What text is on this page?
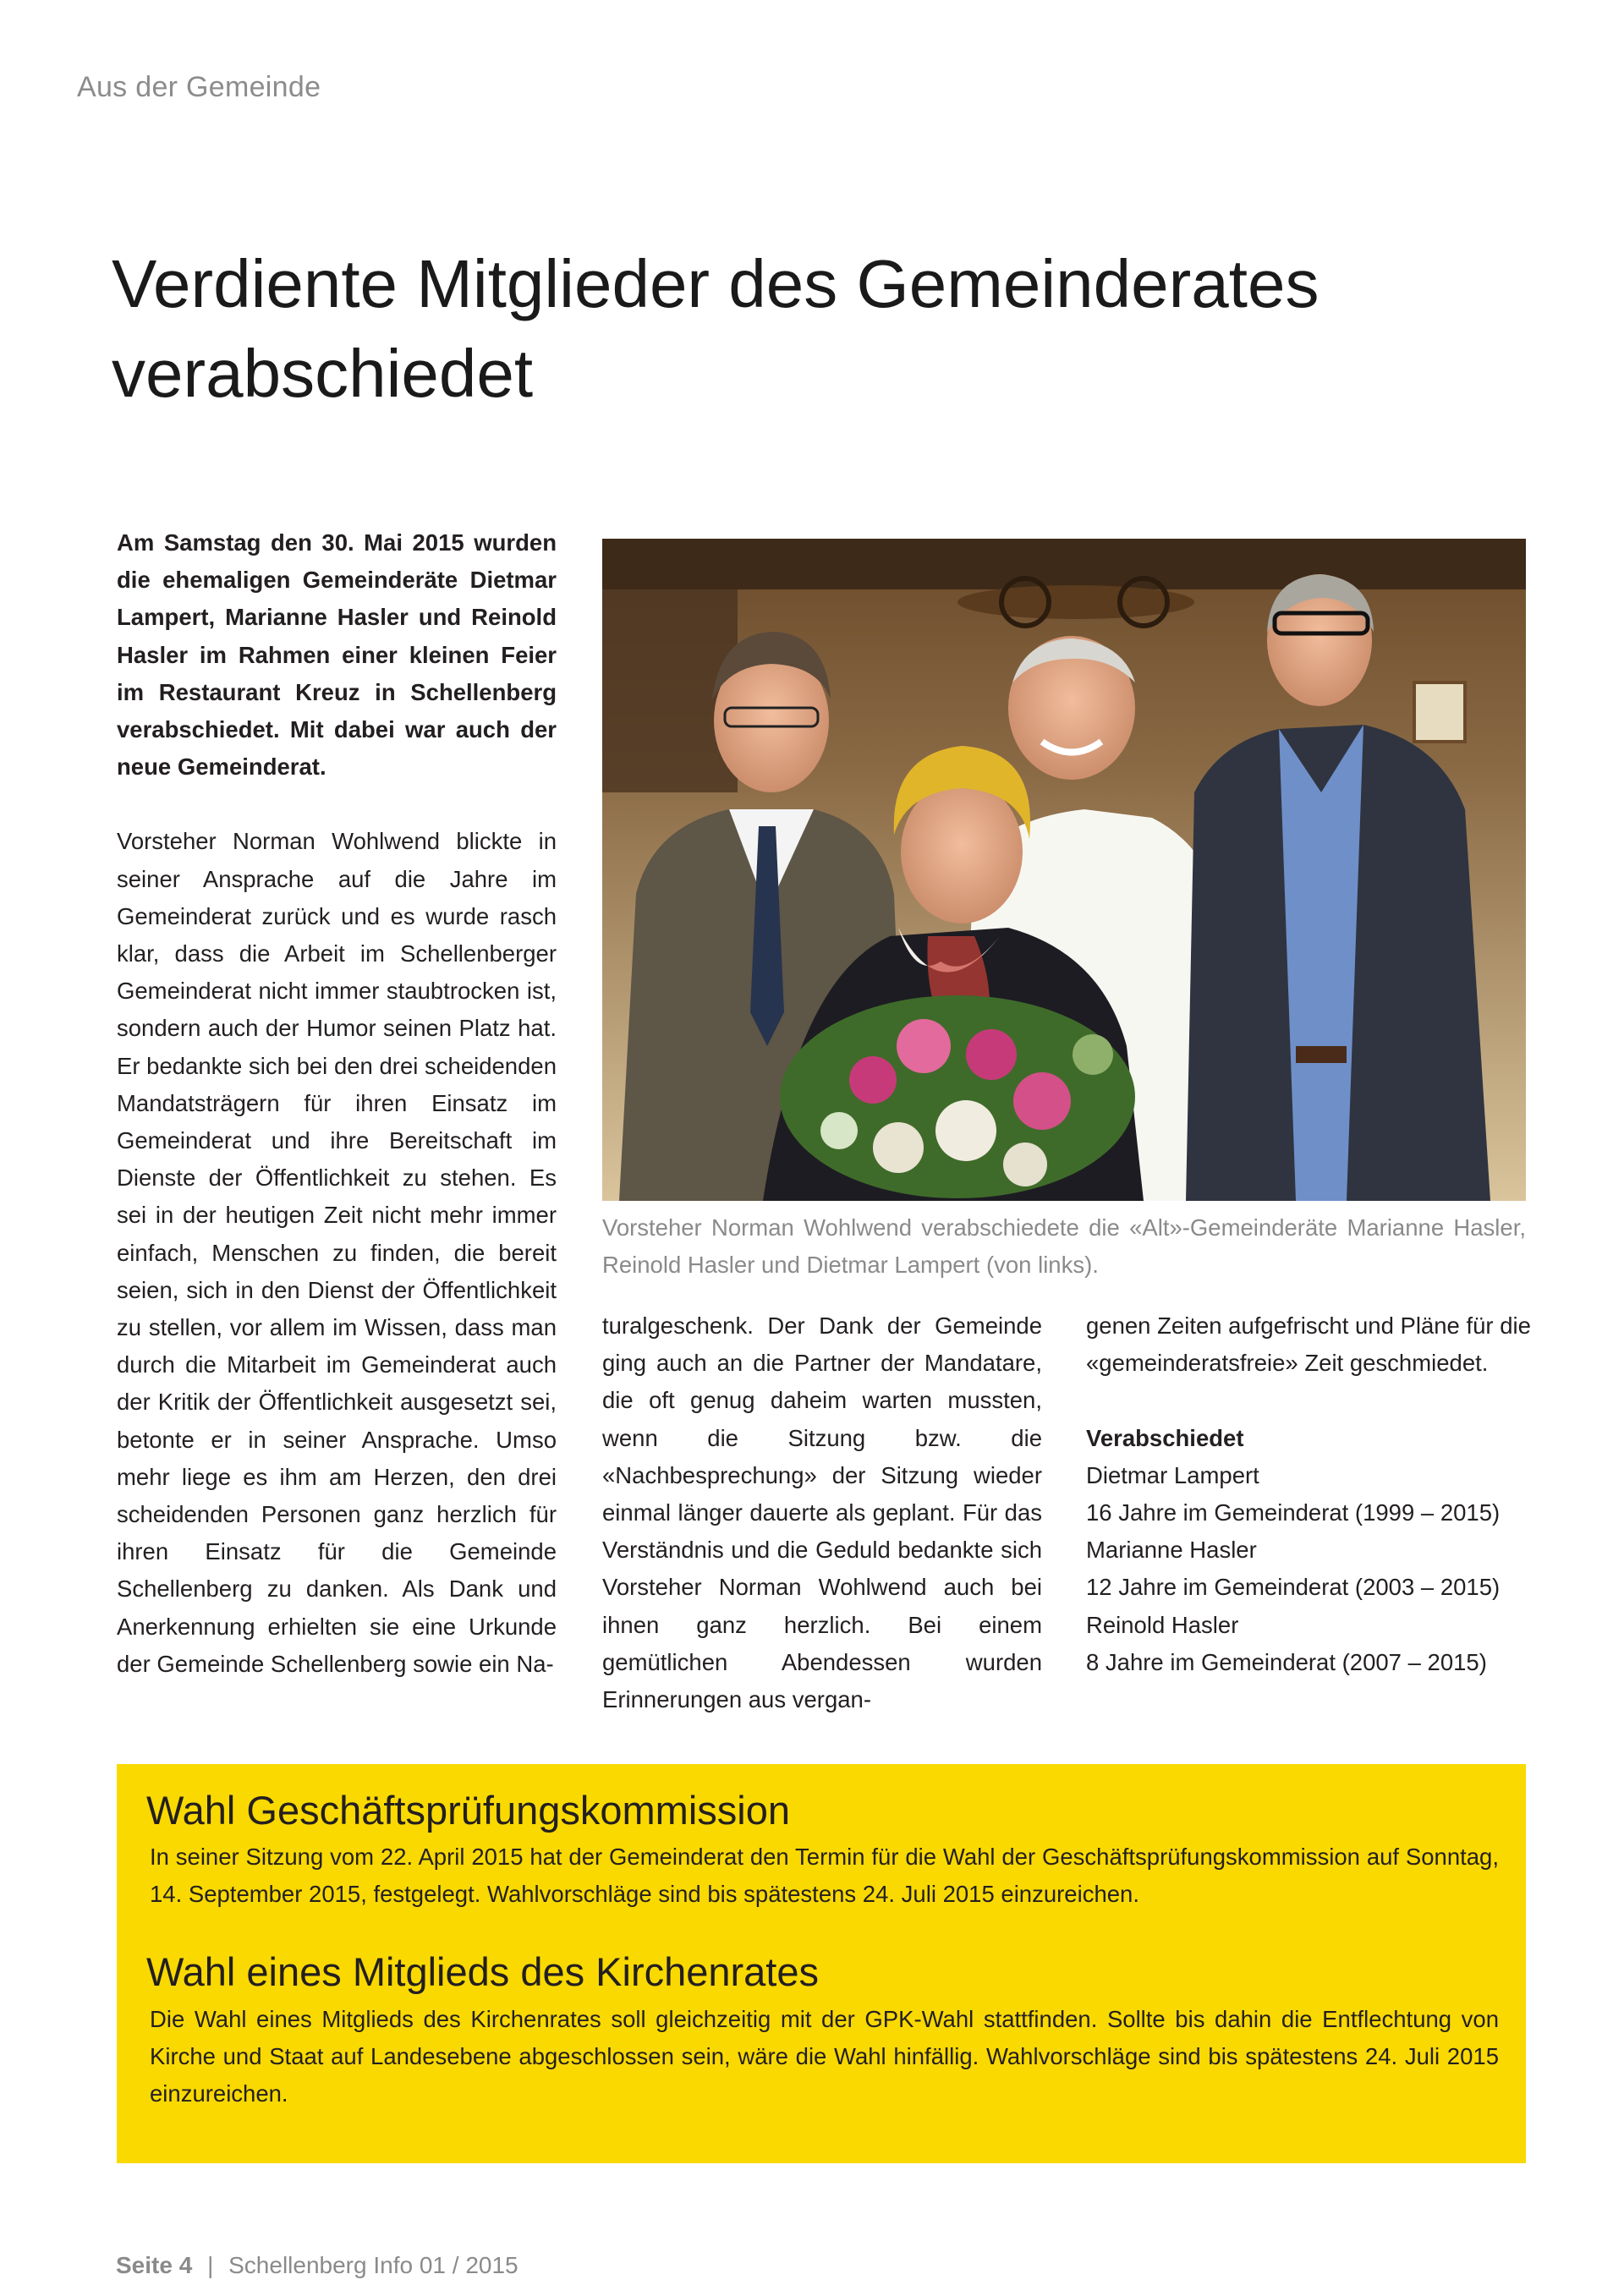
Aus der Gemeinde
Verdiente Mitglieder des Gemeinderates verabschiedet

Am Samstag den 30. Mai 2015 wurden die ehemaligen Gemeinderäte Dietmar Lampert, Marianne Hasler und Reinold Hasler im Rahmen einer kleinen Feier im Restaurant Kreuz in Schellenberg verabschiedet. Mit dabei war auch der neue Gemeinderat.

Vorsteher Norman Wohlwend blickte in seiner Ansprache auf die Jahre im Gemeinderat zurück und es wurde rasch klar, dass die Arbeit im Schellenberger Gemeinderat nicht immer staubtrocken ist, sondern auch der Humor seinen Platz hat. Er bedankte sich bei den drei scheidenden Mandatsträgern für ihren Einsatz im Gemeinderat und ihre Bereitschaft im Dienste der Öffentlichkeit zu stehen. Es sei in der heutigen Zeit nicht mehr immer einfach, Menschen zu finden, die bereit seien, sich in den Dienst der Öffentlichkeit zu stellen, vor allem im Wissen, dass man durch die Mitarbeit im Gemeinderat auch der Kritik der Öffentlichkeit ausgesetzt sei, betonte er in seiner Ansprache. Umso mehr liege es ihm am Herzen, den drei scheidenden Personen ganz herzlich für ihren Einsatz für die Gemeinde Schellenberg zu danken. Als Dank und Anerkennung erhielten sie eine Urkunde der Gemeinde Schellenberg sowie ein Na-

Vorsteher Norman Wohlwend verabschiedete die «Alt»-Gemeinderäte Marianne Hasler, Reinold Hasler und Dietmar Lampert (von links).

turalgeschenk. Der Dank der Gemeinde ging auch an die Partner der Mandatare, die oft genug daheim warten mussten, wenn die Sitzung bzw. die «Nachbesprechung» der Sitzung wieder einmal länger dauerte als geplant. Für das Verständnis und die Geduld bedankte sich Vorsteher Norman Wohlwend auch bei ihnen ganz herzlich. Bei einem gemütlichen Abendessen wurden Erinnerungen aus vergan-

genen Zeiten aufgefrischt und Pläne für die «gemeinderatsfreie» Zeit geschmiedet.

Verabschiedet

Dietmar Lampert

16 Jahre im Gemeinderat (1999 – 2015)

Marianne Hasler

12 Jahre im Gemeinderat (2003 – 2015)

Reinold Hasler

8 Jahre im Gemeinderat (2007 – 2015)

Wahl Geschäftsprüfungskommission

In seiner Sitzung vom 22. April 2015 hat der Gemeinderat den Termin für die Wahl der Geschäftsprüfungskommission auf Sonntag, 14. September 2015, festgelegt. Wahlvorschläge sind bis spätestens 24. Juli 2015 einzureichen.

Wahl eines Mitglieds des Kirchenrates

Die Wahl eines Mitglieds des Kirchenrates soll gleichzeitig mit der GPK-Wahl stattfinden. Sollte bis dahin die Entflechtung von Kirche und Staat auf Landesebene abgeschlossen sein, wäre die Wahl hinfällig. Wahlvorschläge sind bis spätestens 24. Juli 2015 einzureichen.

Seite 4 | Schellenberg Info 01 / 2015
